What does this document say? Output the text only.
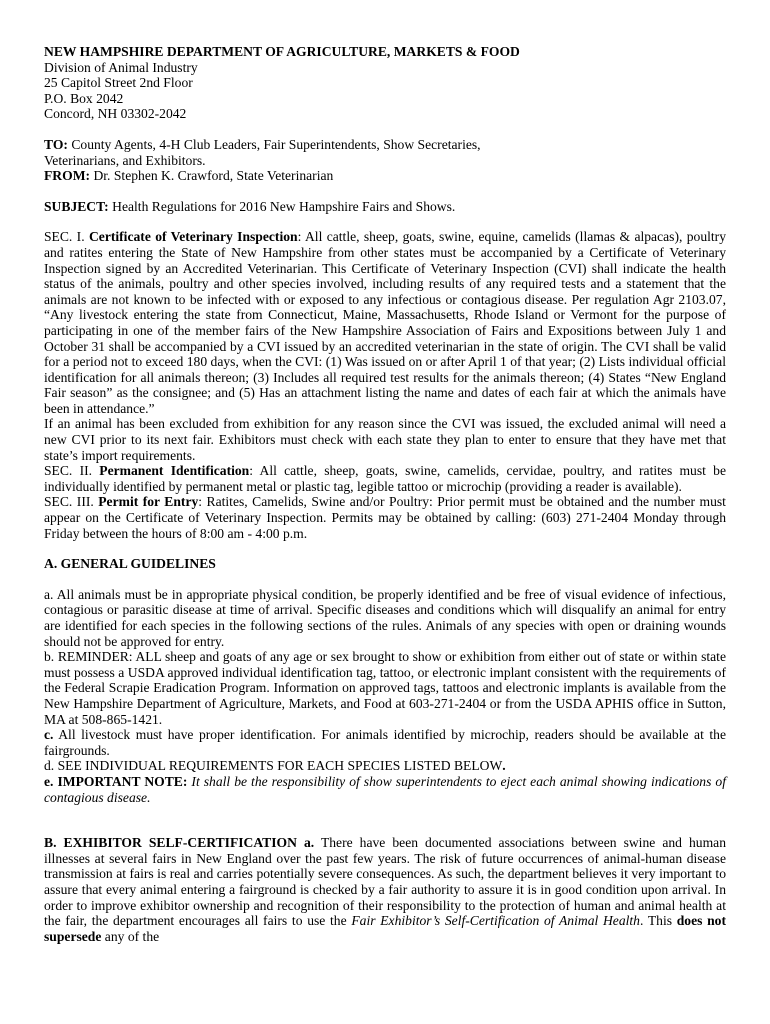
NEW HAMPSHIRE DEPARTMENT OF AGRICULTURE, MARKETS & FOOD

Division of Animal Industry

25 Capitol Street 2nd Floor

P.O. Box 2042

Concord, NH 03302-2042

TO: County Agents, 4-H Club Leaders, Fair Superintendents, Show Secretaries, Veterinarians, and Exhibitors.

FROM: Dr. Stephen K. Crawford, State Veterinarian

SUBJECT: Health Regulations for 2016 New Hampshire Fairs and Shows.

SEC. I. Certificate of Veterinary Inspection: All cattle, sheep, goats, swine, equine, camelids (llamas & alpacas), poultry and ratites entering the State of New Hampshire from other states must be accompanied by a Certificate of Veterinary Inspection signed by an Accredited Veterinarian. This Certificate of Veterinary Inspection (CVI) shall indicate the health status of the animals, poultry and other species involved, including results of any required tests and a statement that the animals are not known to be infected with or exposed to any infectious or contagious disease. Per regulation Agr 2103.07, “Any livestock entering the state from Connecticut, Maine, Massachusetts, Rhode Island or Vermont for the purpose of participating in one of the member fairs of the New Hampshire Association of Fairs and Expositions between July 1 and October 31 shall be accompanied by a CVI issued by an accredited veterinarian in the state of origin. The CVI shall be valid for a period not to exceed 180 days, when the CVI: (1) Was issued on or after April 1 of that year; (2) Lists individual official identification for all animals thereon; (3) Includes all required test results for the animals thereon; (4) States “New England Fair season” as the consignee; and (5) Has an attachment listing the name and dates of each fair at which the animals have been in attendance.”

If an animal has been excluded from exhibition for any reason since the CVI was issued, the excluded animal will need a new CVI prior to its next fair. Exhibitors must check with each state they plan to enter to ensure that they have met that state’s import requirements.

SEC. II. Permanent Identification: All cattle, sheep, goats, swine, camelids, cervidae, poultry, and ratites must be individually identified by permanent metal or plastic tag, legible tattoo or microchip (providing a reader is available).

SEC. III. Permit for Entry: Ratites, Camelids, Swine and/or Poultry: Prior permit must be obtained and the number must appear on the Certificate of Veterinary Inspection. Permits may be obtained by calling: (603) 271-2404 Monday through Friday between the hours of 8:00 am - 4:00 p.m.

A. GENERAL GUIDELINES

a. All animals must be in appropriate physical condition, be properly identified and be free of visual evidence of infectious, contagious or parasitic disease at time of arrival. Specific diseases and conditions which will disqualify an animal for entry are identified for each species in the following sections of the rules. Animals of any species with open or draining wounds should not be approved for entry.

b. REMINDER: ALL sheep and goats of any age or sex brought to show or exhibition from either out of state or within state must possess a USDA approved individual identification tag, tattoo, or electronic implant consistent with the requirements of the Federal Scrapie Eradication Program. Information on approved tags, tattoos and electronic implants is available from the New Hampshire Department of Agriculture, Markets, and Food at 603-271-2404 or from the USDA APHIS office in Sutton, MA at 508-865-1421.

c. All livestock must have proper identification. For animals identified by microchip, readers should be available at the fairgrounds.

d. SEE INDIVIDUAL REQUIREMENTS FOR EACH SPECIES LISTED BELOW.

e. IMPORTANT NOTE: It shall be the responsibility of show superintendents to eject each animal showing indications of contagious disease.

B. EXHIBITOR SELF-CERTIFICATION a. There have been documented associations between swine and human illnesses at several fairs in New England over the past few years. The risk of future occurrences of animal-human disease transmission at fairs is real and carries potentially severe consequences. As such, the department believes it very important to assure that every animal entering a fairground is checked by a fair authority to assure it is in good condition upon arrival. In order to improve exhibitor ownership and recognition of their responsibility to the protection of human and animal health at the fair, the department encourages all fairs to use the Fair Exhibitor’s Self-Certification of Animal Health. This does not supersede any of the
